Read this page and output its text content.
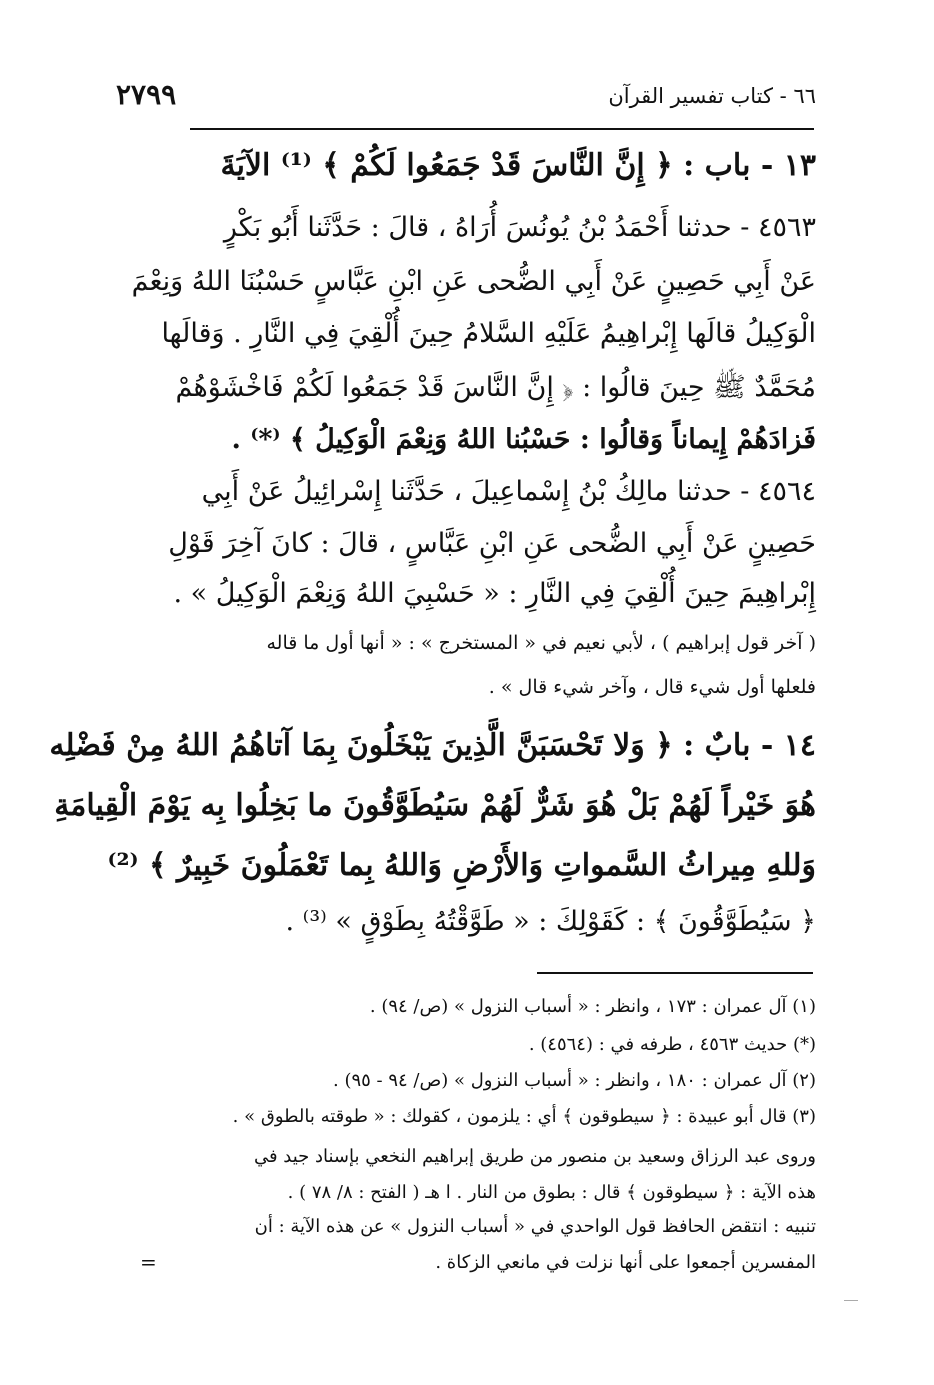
٢٧٩٩	٦٦ - كتاب تفسير القرآن
١٣ - باب : ﴿ إِنَّ النَّاسَ قَدْ جَمَعُوا لَكُمْ ﴾ ⁽¹⁾ الآيَةَ
٤٥٦٣ - حدثنا أَحْمَدُ بْنُ يُونُسَ أُرَاهُ ، قالَ : حَدَّثَنا أَبُو بَكْرٍ
عَنْ أَبِي حَصِينٍ عَنْ أَبِي الضُّحى عَنِ ابْنِ عَبَّاسٍ حَسْبُنَا اللهُ وَنِعْمَ
الْوَكِيلُ قالَها إِبْراهِيمُ عَلَيْهِ السَّلامُ حِينَ أُلْقِيَ فِي النَّارِ . وَقالَها
مُحَمَّدٌ ﷺ حِينَ قالُوا : ﴿ إِنَّ النَّاسَ قَدْ جَمَعُوا لَكُمْ فَاخْشَوْهُمْ
فَزادَهُمْ إِيماناً وَقالُوا : حَسْبُنا اللهُ وَنِعْمَ الْوَكِيلُ ﴾ ⁽*⁾ .
٤٥٦٤ - حدثنا مالِكُ بْنُ إِسْماعِيلَ ، حَدَّثَنا إِسْرائِيلُ عَنْ أَبِي
حَصِينٍ عَنْ أَبِي الضُّحى عَنِ ابْنِ عَبَّاسٍ ، قالَ : كانَ آخِرَ قَوْلِ
إِبْراهِيمَ حِينَ أُلْقِيَ فِي النَّارِ : « حَسْبِيَ اللهُ وَنِعْمَ الْوَكِيلُ » .
( آخر قول إبراهيم ) ، لأبي نعيم في « المستخرج » : « أنها أول ما قاله
فلعلها أول شيء قال ، وآخر شيء قال » .
١٤ - بابٌ : ﴿ وَلا تَحْسَبَنَّ الَّذِينَ يَبْخَلُونَ بِمَا آتاهُمُ اللهُ مِنْ فَضْلِه
هُوَ خَيْراً لَهُمْ بَلْ هُوَ شَرٌّ لَهُمْ سَيُطَوَّقُونَ ما بَخِلُوا بِه يَوْمَ الْقِيامَةِ
وَللهِ مِيراثُ السَّمواتِ وَالأَرْضِ وَاللهُ بِما تَعْمَلُونَ خَبِيرٌ ﴾ ⁽²⁾
﴿ سَيُطَوَّقُونَ ﴾ : كَقَوْلِكَ : « طَوَّقْتُهُ بِطَوْقٍ » ⁽³⁾ .
(١) آل عمران : ١٧٣ ، وانظر : « أسباب النزول » (ص/ ٩٤) .
(*) حديث ٤٥٦٣ ، طرفه في : (٤٥٦٤) .
(٢) آل عمران : ١٨٠ ، وانظر : « أسباب النزول » (ص/ ٩٤ - ٩٥) .
(٣) قال أبو عبيدة : ﴿ سيطوقون ﴾ أي : يلزمون ، كقولك : « طوقته بالطوق » .
وروى عبد الرزاق وسعيد بن منصور من طريق إبراهيم النخعي بإسناد جيد في
هذه الآية : ﴿ سيطوقون ﴾ قال : بطوق من النار . ا هـ ( الفتح : ٨/ ٧٨ ) .
تنبيه : انتقض الحافظ قول الواحدي في « أسباب النزول » عن هذه الآية : أن
المفسرين أجمعوا على أنها نزلت في مانعي الزكاة .
=
